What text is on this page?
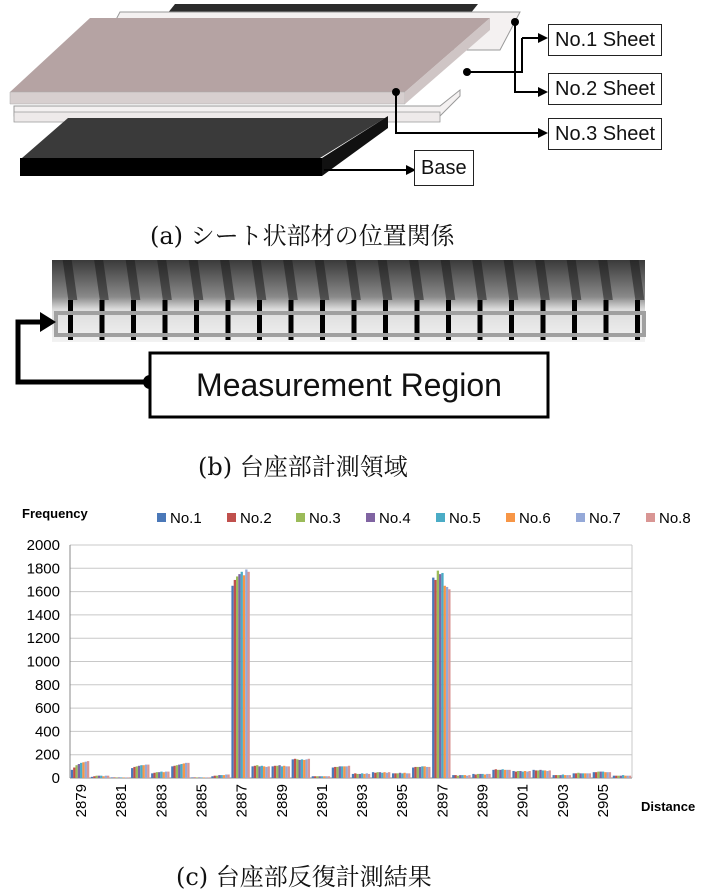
No.1 Sheet
No.2 Sheet
No.3 Sheet
Base
(a) シート状部材の位置関係
Measurement Region
(b) 台座部計測領域
Frequency
Distance
0
200
400
600
800
1000
1200
1400
1600
1800
2000
2879 2881 2883 2885 2887 2889 2891 2893 2895 2897 2899 2901 2903 2905
No.1	No.2 No.3	No.4	No.5	No.6	No.7	No.8
(c) 台座部反復計測結果
